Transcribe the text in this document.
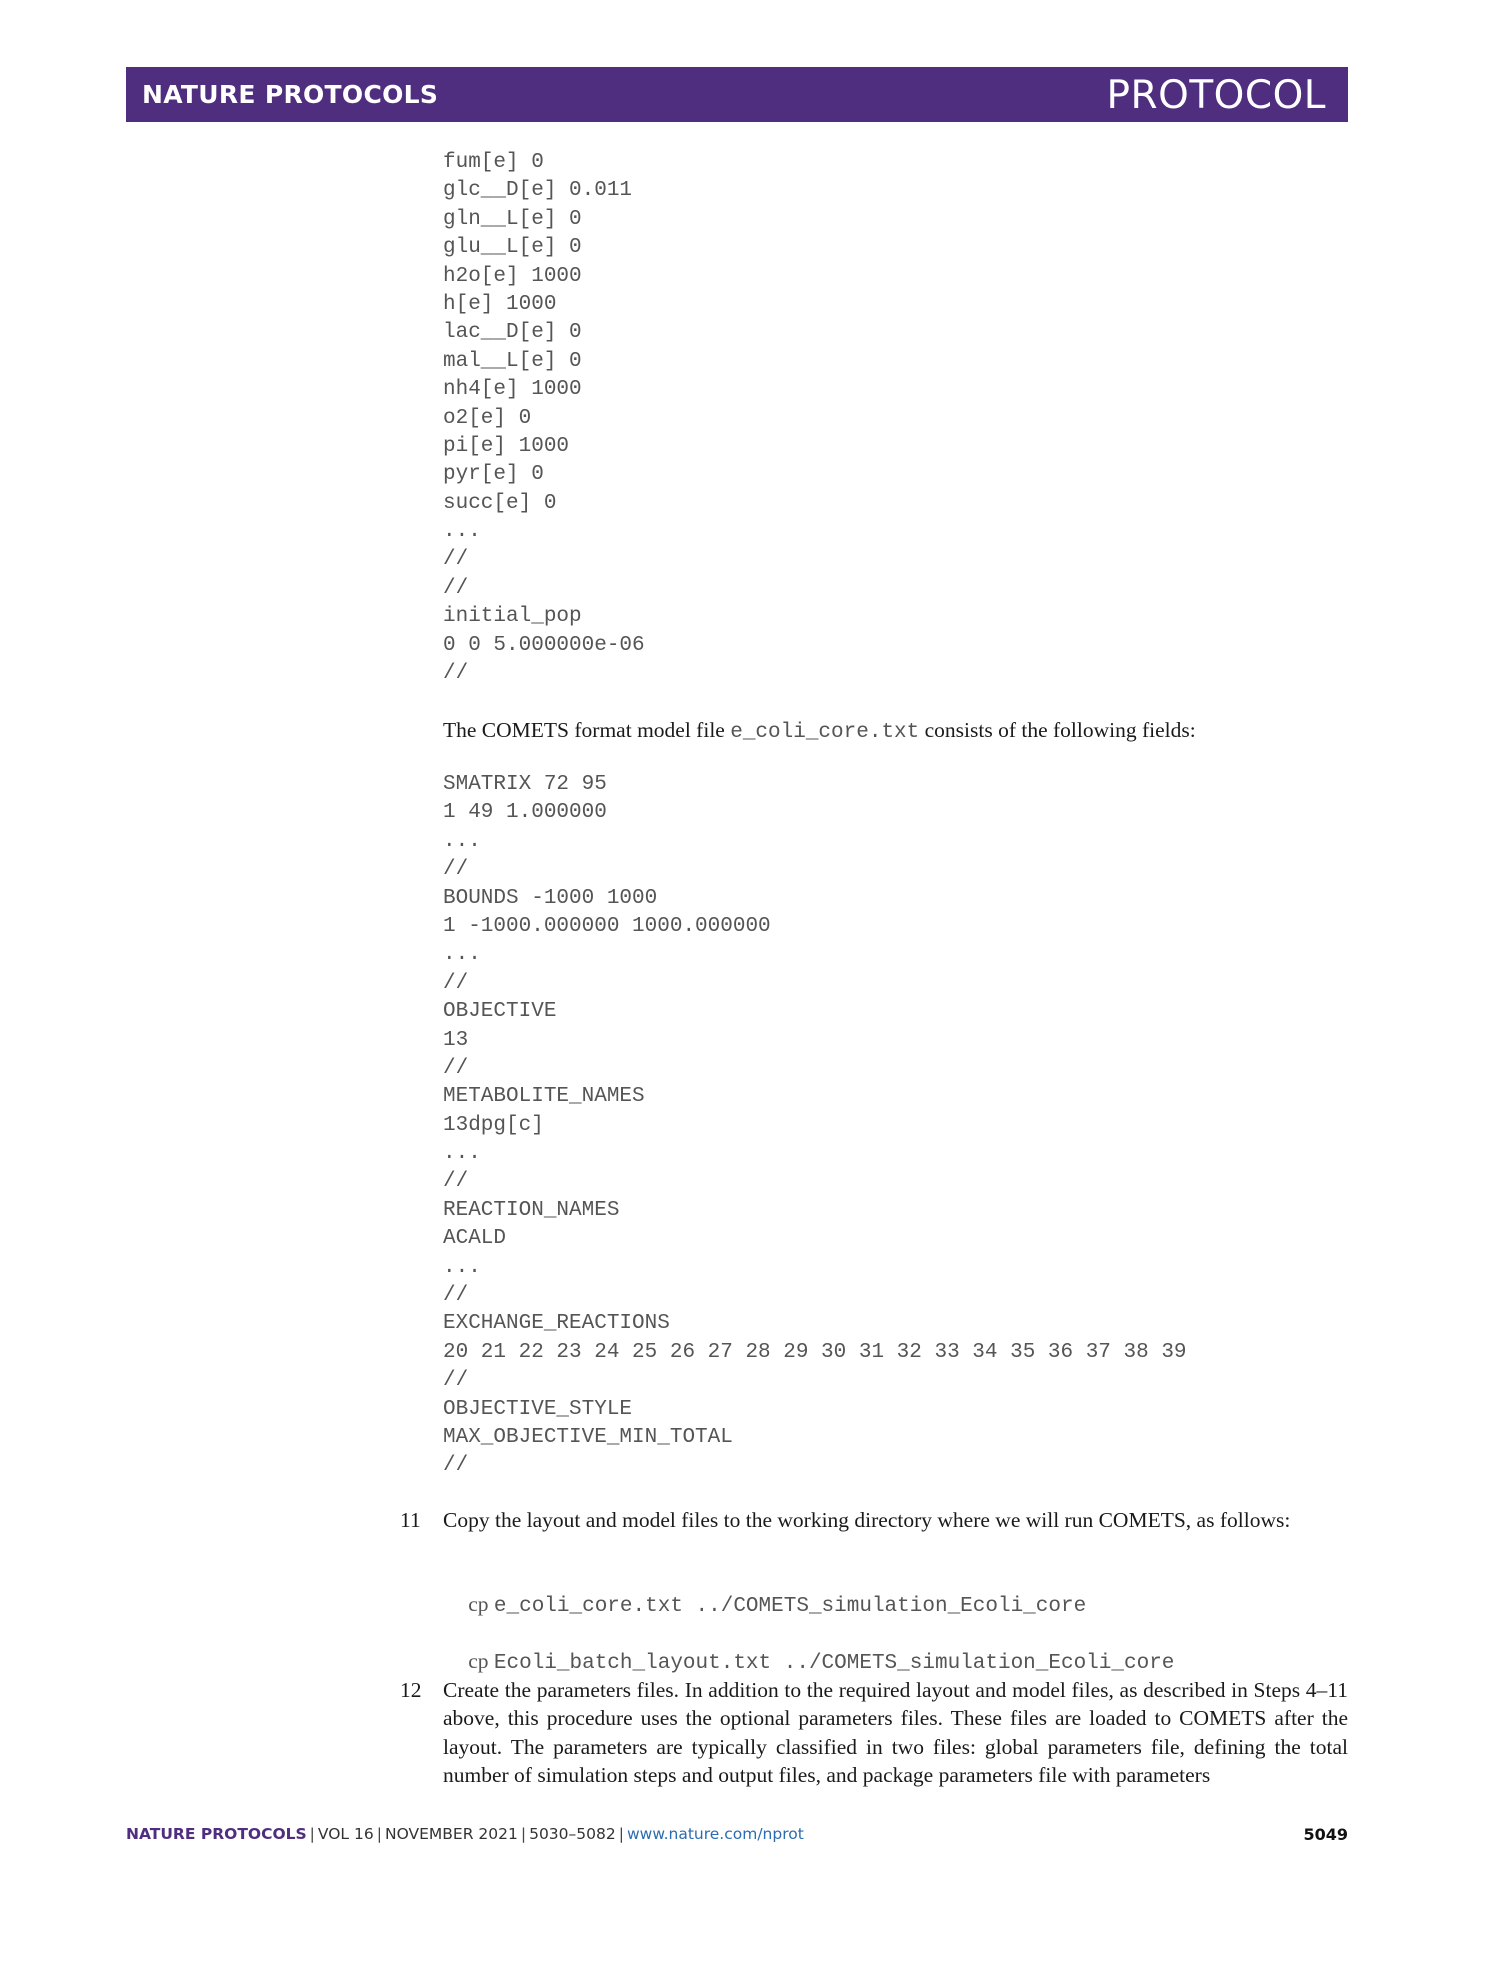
NATURE PROTOCOLS	PROTOCOL
fum[e] 0
glc__D[e] 0.011
gln__L[e] 0
glu__L[e] 0
h2o[e] 1000
h[e] 1000
lac__D[e] 0
mal__L[e] 0
nh4[e] 1000
o2[e] 0
pi[e] 1000
pyr[e] 0
succ[e] 0
...
//
//
initial_pop
0 0 5.000000e-06
//
The COMETS format model file e_coli_core.txt consists of the following fields:
SMATRIX 72 95
1 49 1.000000
...
//
BOUNDS -1000 1000
1 -1000.000000 1000.000000
...
//
OBJECTIVE
13
//
METABOLITE_NAMES
13dpg[c]
...
//
REACTION_NAMES
ACALD
...
//
EXCHANGE_REACTIONS
20 21 22 23 24 25 26 27 28 29 30 31 32 33 34 35 36 37 38 39
//
OBJECTIVE_STYLE
MAX_OBJECTIVE_MIN_TOTAL
//
11	Copy the layout and model files to the working directory where we will run COMETS, as follows:

cp e_coli_core.txt ../COMETS_simulation_Ecoli_core

cp Ecoli_batch_layout.txt ../COMETS_simulation_Ecoli_core

12	Create the parameters files. In addition to the required layout and model files, as described in Steps 4–11 above, this procedure uses the optional parameters files. These files are loaded to COMETS after the layout. The parameters are typically classified in two files: global parameters file, defining the total number of simulation steps and output files, and package parameters file with parameters
NATURE PROTOCOLS | VOL 16 | NOVEMBER 2021 | 5030–5082 | www.nature.com/nprot	5049
